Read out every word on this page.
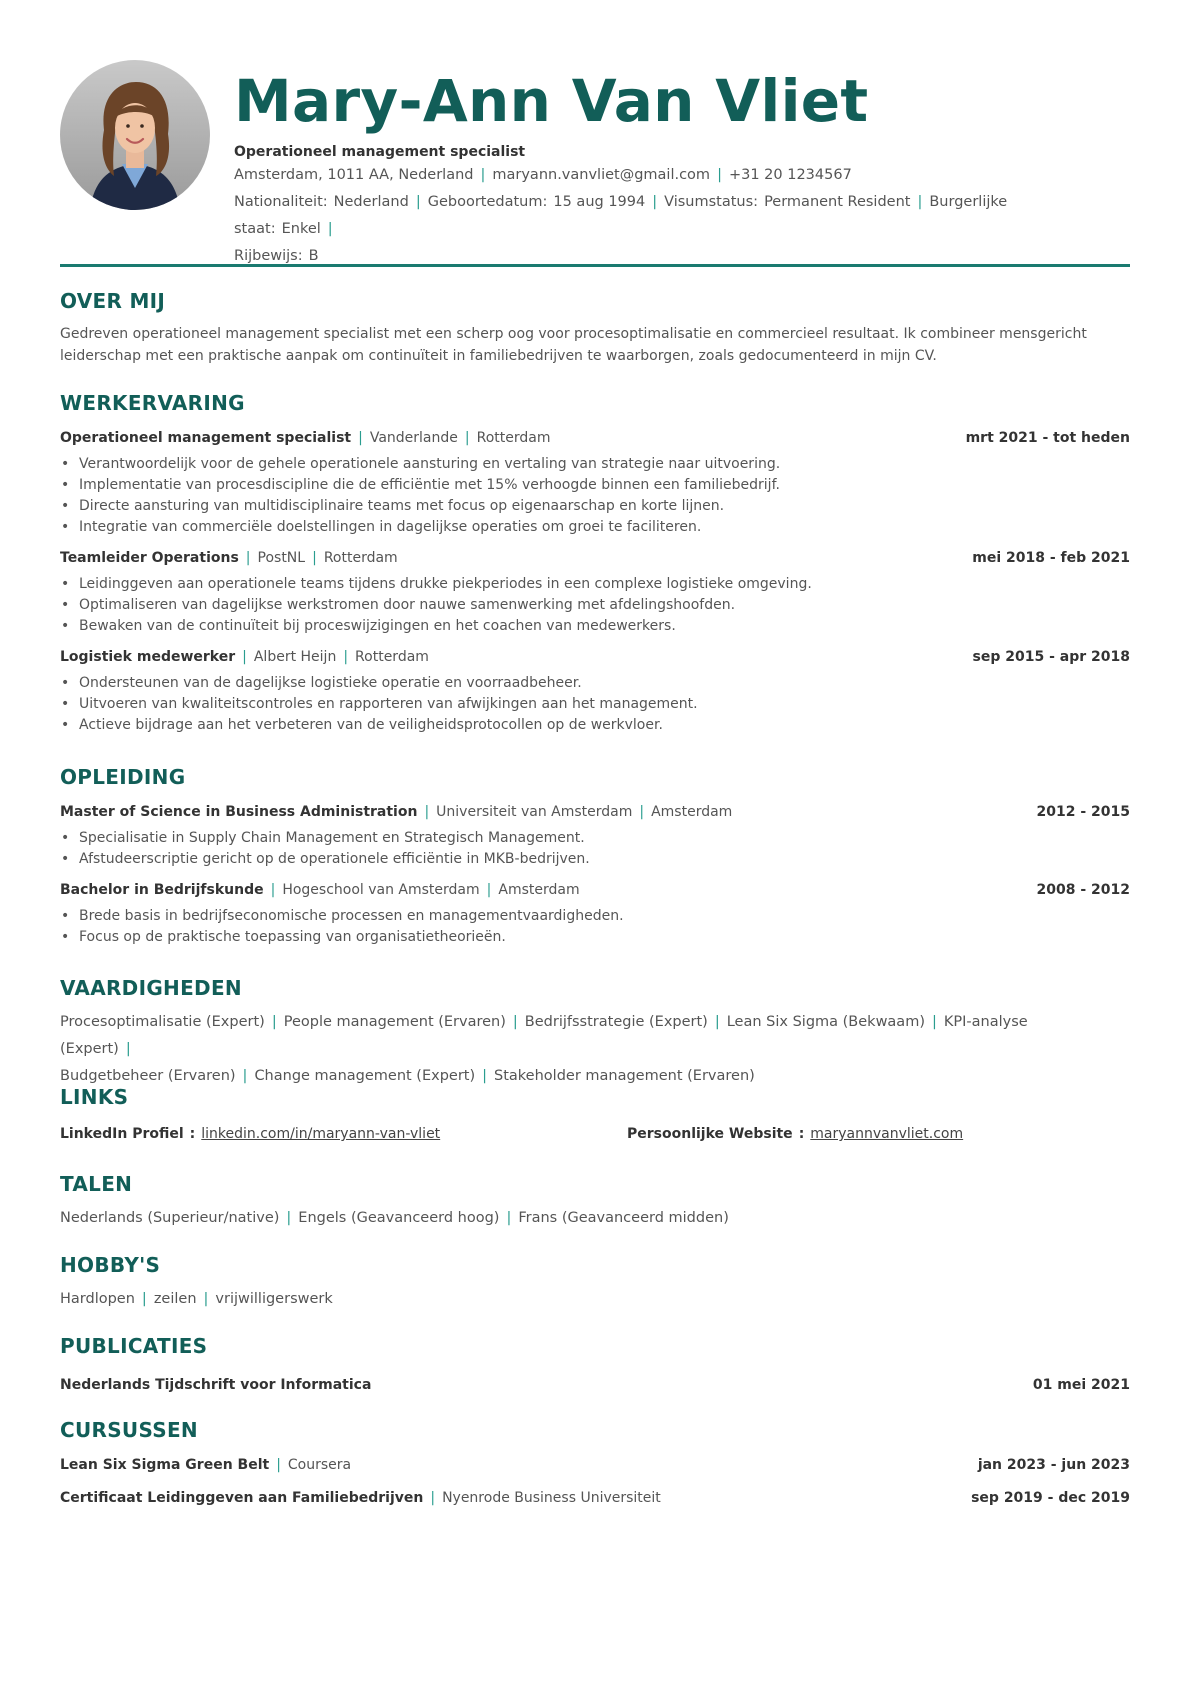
Mary-Ann Van Vliet
Operationeel management specialist
Amsterdam, 1011 AA, Nederland | maryann.vanvliet@gmail.com | +31 20 1234567
Nationaliteit: Nederland | Geboortedatum: 15 aug 1994 | Visumstatus: Permanent Resident | Burgerlijke staat: Enkel |
Rijbewijs: B
OVER MIJ

Gedreven operationeel management specialist met een scherp oog voor procesoptimalisatie en commercieel resultaat. Ik combineer mensgericht leiderschap met een praktische aanpak om continuïteit in familiebedrijven te waarborgen, zoals gedocumenteerd in mijn CV.

WERKERVARING
Operationeel management specialist | Vanderlande | Rotterdam	mrt 2021 - tot heden
• Verantwoordelijk voor de gehele operationele aansturing en vertaling van strategie naar uitvoering.
• Implementatie van procesdiscipline die de efficiëntie met 15% verhoogde binnen een familiebedrijf.
• Directe aansturing van multidisciplinaire teams met focus op eigenaarschap en korte lijnen.
• Integratie van commerciële doelstellingen in dagelijkse operaties om groei te faciliteren.
Teamleider Operations | PostNL | Rotterdam	mei 2018 - feb 2021
• Leidinggeven aan operationele teams tijdens drukke piekperiodes in een complexe logistieke omgeving.
• Optimaliseren van dagelijkse werkstromen door nauwe samenwerking met afdelingshoofden.
• Bewaken van de continuïteit bij proceswijzigingen en het coachen van medewerkers.
Logistiek medewerker | Albert Heijn | Rotterdam	sep 2015 - apr 2018
• Ondersteunen van de dagelijkse logistieke operatie en voorraadbeheer.
• Uitvoeren van kwaliteitscontroles en rapporteren van afwijkingen aan het management.
• Actieve bijdrage aan het verbeteren van de veiligheidsprotocollen op de werkvloer.
OPLEIDING
Master of Science in Business Administration | Universiteit van Amsterdam | Amsterdam	2012 - 2015
• Specialisatie in Supply Chain Management en Strategisch Management.
• Afstudeerscriptie gericht op de operationele efficiëntie in MKB-bedrijven.
Bachelor in Bedrijfskunde | Hogeschool van Amsterdam | Amsterdam	2008 - 2012
• Brede basis in bedrijfseconomische processen en managementvaardigheden.
• Focus op de praktische toepassing van organisatietheorieën.
VAARDIGHEDEN
Procesoptimalisatie (Expert) | People management (Ervaren) | Bedrijfsstrategie (Expert) | Lean Six Sigma (Bekwaam) | KPI-analyse (Expert) |
Budgetbeheer (Ervaren) | Change management (Expert) | Stakeholder management (Ervaren)
LINKS
LinkedIn Profiel : linkedin.com/in/maryann-van-vliet	Persoonlijke Website : maryannvanvliet.com
TALEN
Nederlands (Superieur/native) | Engels (Geavanceerd hoog) | Frans (Geavanceerd midden)
HOBBY'S
Hardlopen | zeilen | vrijwilligerswerk
PUBLICATIES
Nederlands Tijdschrift voor Informatica	01 mei 2021
CURSUSSEN
Lean Six Sigma Green Belt | Coursera	jan 2023 - jun 2023
Certificaat Leidinggeven aan Familiebedrijven | Nyenrode Business Universiteit	sep 2019 - dec 2019
